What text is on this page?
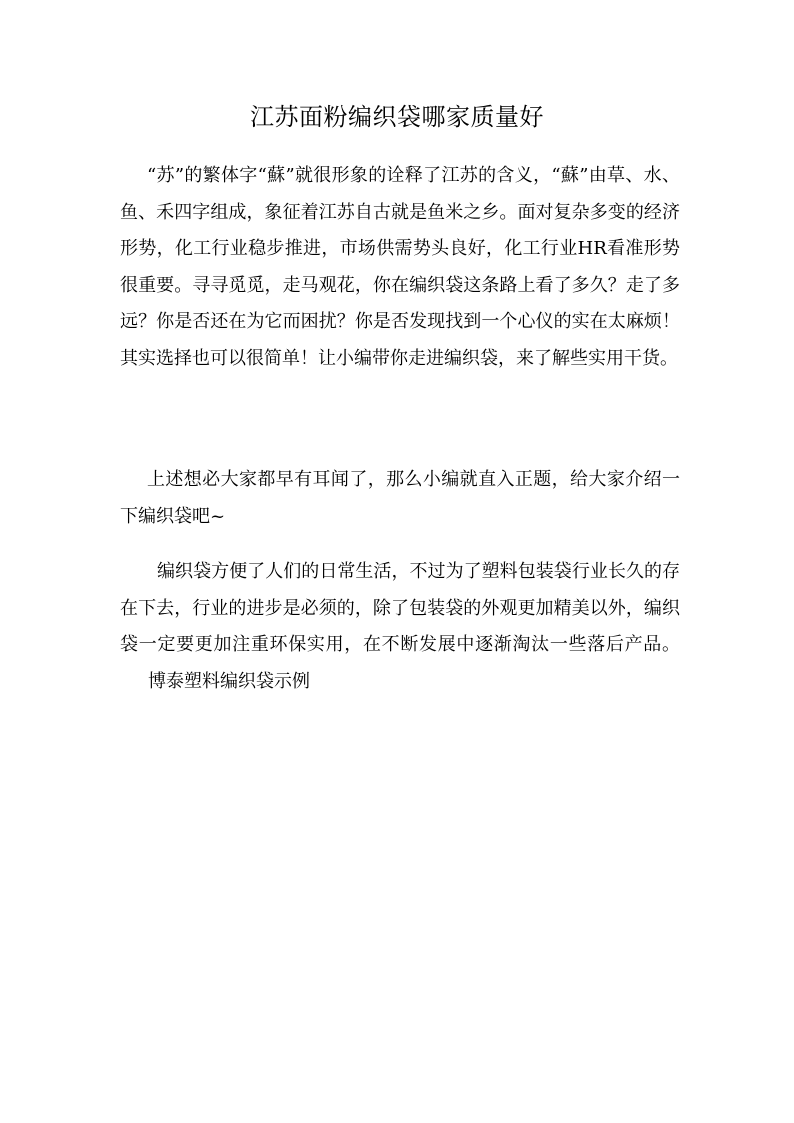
江苏面粉编织袋哪家质量好

“苏”的繁体字“蘇”就很形象的诠释了江苏的含义，“蘇”由草、水、鱼、禾四字组成，象征着江苏自古就是鱼米之乡。面对复杂多变的经济形势，化工行业稳步推进，市场供需势头良好，化工行业HR看准形势很重要。寻寻觅觅，走马观花，你在编织袋这条路上看了多久？走了多远？你是否还在为它而困扰？你是否发现找到一个心仪的实在太麻烦！其实选择也可以很简单！让小编带你走进编织袋，来了解些实用干货。

上述想必大家都早有耳闻了，那么小编就直入正题，给大家介绍一下编织袋吧~

编织袋方便了人们的日常生活，不过为了塑料包装袋行业长久的存在下去，行业的进步是必须的，除了包装袋的外观更加精美以外，编织袋一定要更加注重环保实用，在不断发展中逐渐淘汰一些落后产品。博泰塑料编织袋示例
